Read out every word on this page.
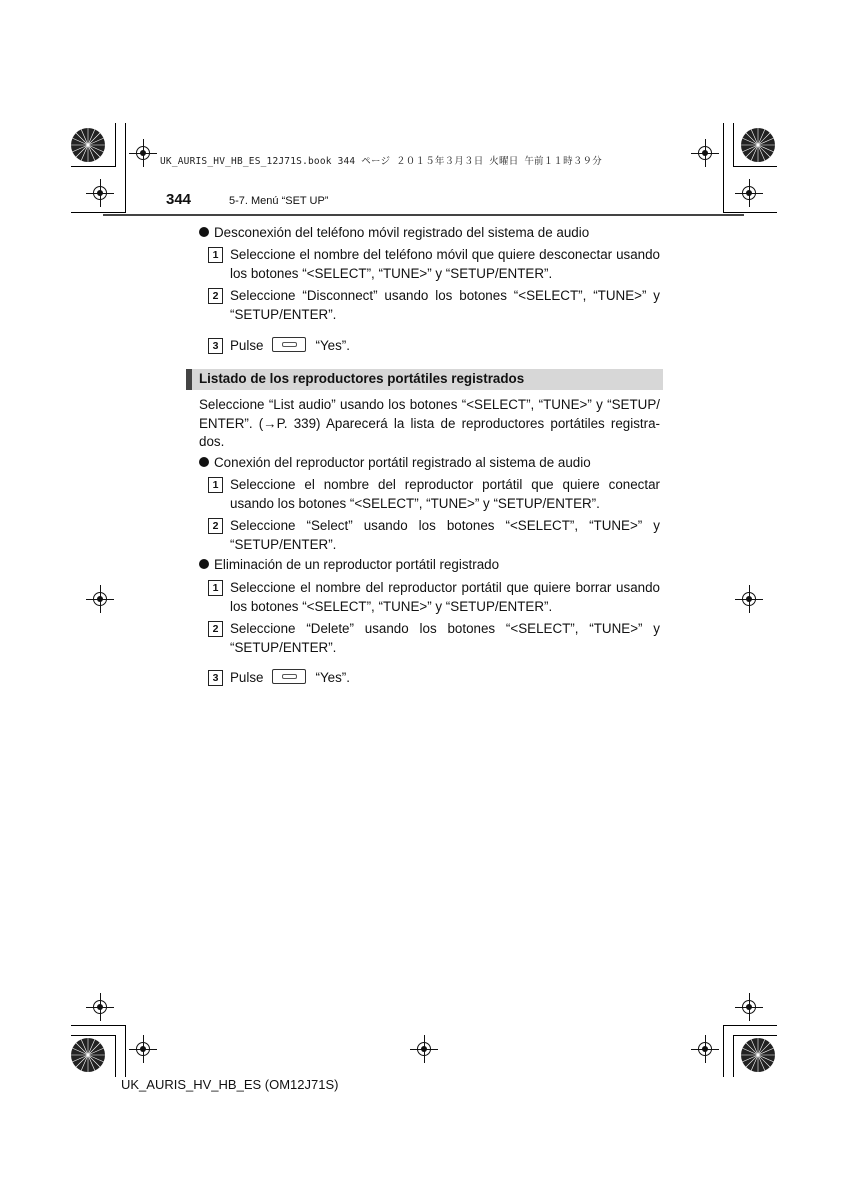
UK_AURIS_HV_HB_ES_12J71S.book 344 ページ ２０１５年３月３日 火曜日 午前１１時３９分
344	5-7. Menú “SET UP”
Desconexión del teléfono móvil registrado del sistema de audio
1 Seleccione el nombre del teléfono móvil que quiere desconectar usando los botones “<SELECT”, “TUNE>” y “SETUP/ENTER”.
2 Seleccione “Disconnect” usando los botones “<SELECT”, “TUNE>” y “SETUP/ENTER”.
3 Pulse	“Yes”.
Listado de los reproductores portátiles registrados
Seleccione “List audio” usando los botones “<SELECT”, “TUNE>” y “SETUP/ ENTER”. (→P. 339) Aparecerá la lista de reproductores portátiles registra- dos.
Conexión del reproductor portátil registrado al sistema de audio
1 Seleccione el nombre del reproductor portátil que quiere conectar usando los botones “<SELECT”, “TUNE>” y “SETUP/ENTER”.
2 Seleccione “Select” usando los botones “<SELECT”, “TUNE>” y “SETUP/ENTER”.
Eliminación de un reproductor portátil registrado
1 Seleccione el nombre del reproductor portátil que quiere borrar usando los botones “<SELECT”, “TUNE>” y “SETUP/ENTER”.
2 Seleccione “Delete” usando los botones “<SELECT”, “TUNE>” y “SETUP/ENTER”.
3 Pulse	“Yes”.
UK_AURIS_HV_HB_ES (OM12J71S)
